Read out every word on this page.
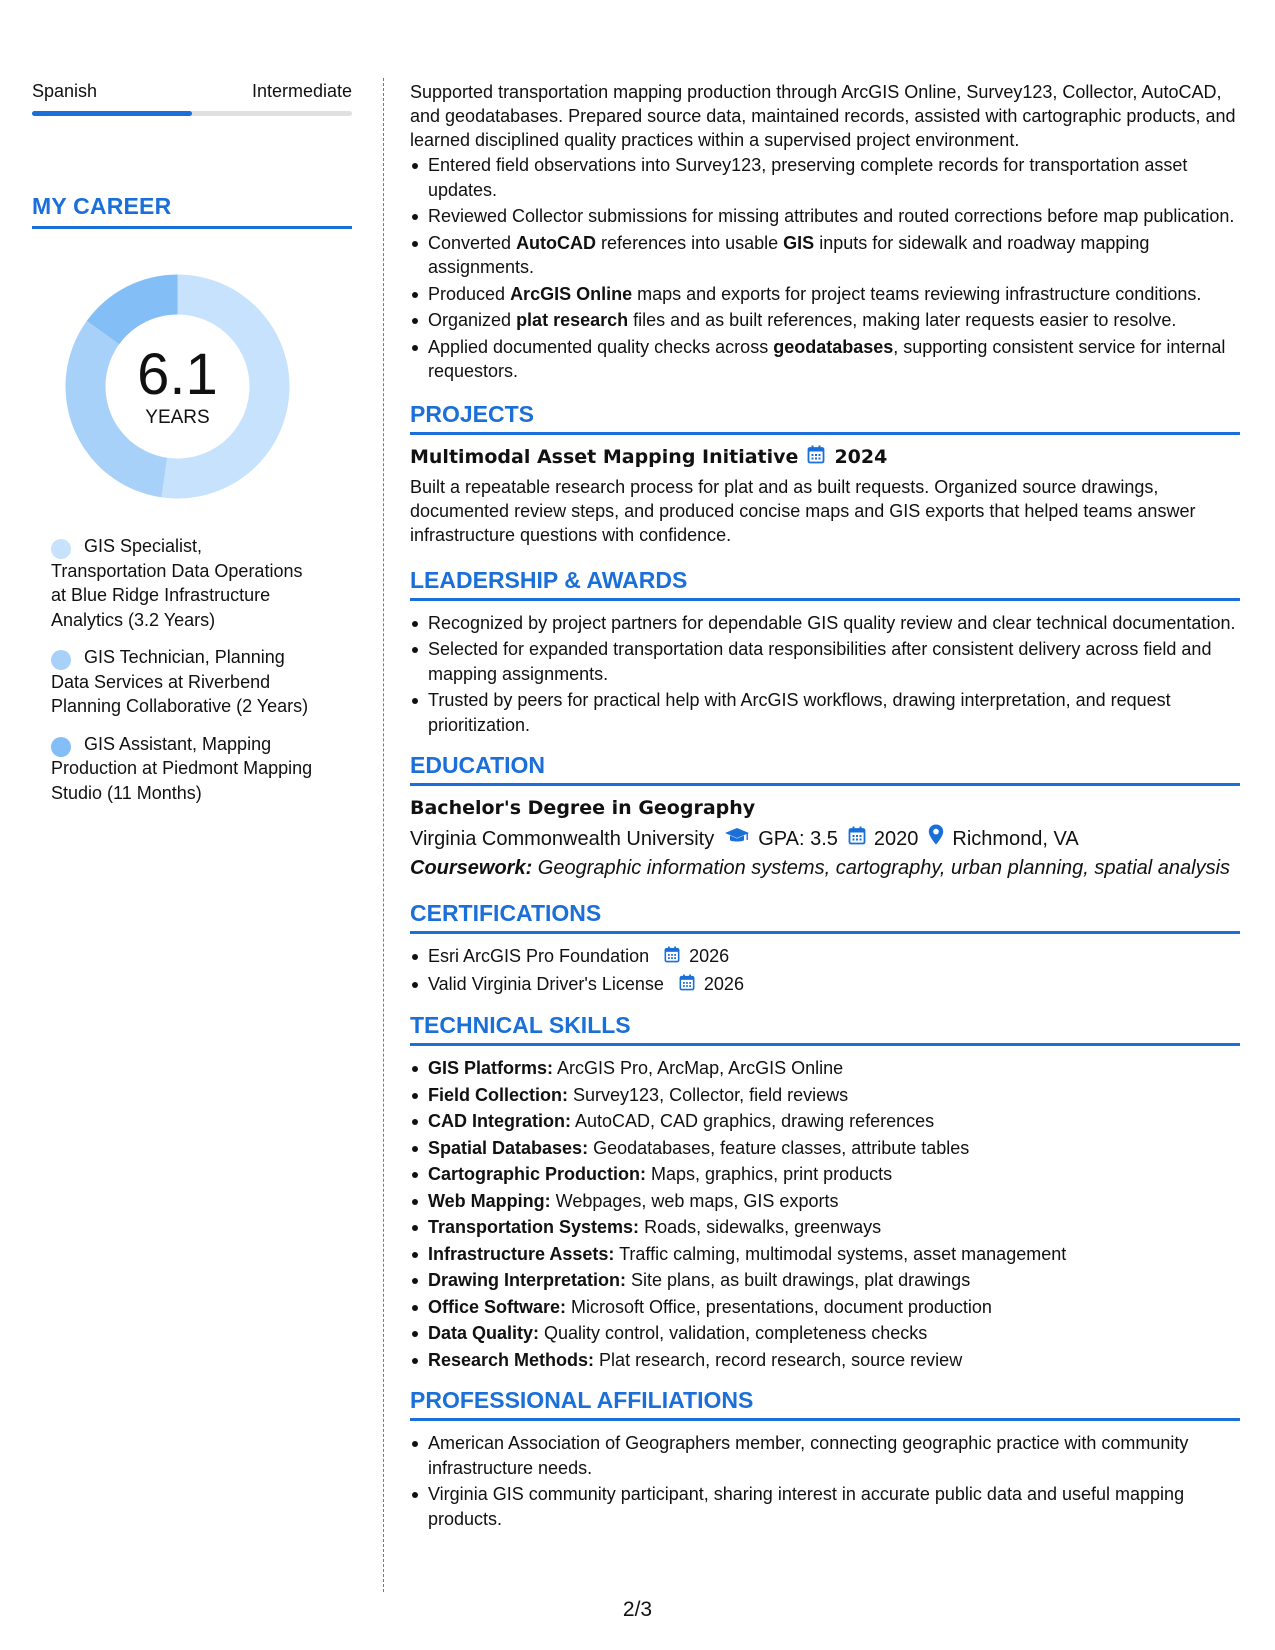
Spanish	Intermediate
MY CAREER
6.1
YEARS
GIS Specialist, Transportation Data Operations at Blue Ridge Infrastructure Analytics (3.2 Years)
GIS Technician, Planning Data Services at Riverbend Planning Collaborative (2 Years)
GIS Assistant, Mapping Production at Piedmont Mapping Studio (11 Months)

Supported transportation mapping production through ArcGIS Online, Survey123, Collector, AutoCAD, and geodatabases. Prepared source data, maintained records, assisted with cartographic products, and learned disciplined quality practices within a supervised project environment.

Entered field observations into Survey123, preserving complete records for transportation asset updates.
Reviewed Collector submissions for missing attributes and routed corrections before map publication.
Converted AutoCAD references into usable GIS inputs for sidewalk and roadway mapping assignments.
Produced ArcGIS Online maps and exports for project teams reviewing infrastructure conditions.
Organized plat research files and as built references, making later requests easier to resolve.
Applied documented quality checks across geodatabases, supporting consistent service for internal requestors.
PROJECTS
Multimodal Asset Mapping Initiative 2024

Built a repeatable research process for plat and as built requests. Organized source drawings, documented review steps, and produced concise maps and GIS exports that helped teams answer infrastructure questions with confidence.

LEADERSHIP & AWARDS
Recognized by project partners for dependable GIS quality review and clear technical documentation.
Selected for expanded transportation data responsibilities after consistent delivery across field and mapping assignments.
Trusted by peers for practical help with ArcGIS workflows, drawing interpretation, and request prioritization.
EDUCATION
Bachelor's Degree in Geography
Virginia Commonwealth University GPA: 3.5 2020 Richmond, VA
Coursework: Geographic information systems, cartography, urban planning, spatial analysis
CERTIFICATIONS
Esri ArcGIS Pro Foundation 2026
Valid Virginia Driver's License 2026
TECHNICAL SKILLS
GIS Platforms: ArcGIS Pro, ArcMap, ArcGIS Online
Field Collection: Survey123, Collector, field reviews
CAD Integration: AutoCAD, CAD graphics, drawing references
Spatial Databases: Geodatabases, feature classes, attribute tables
Cartographic Production: Maps, graphics, print products
Web Mapping: Webpages, web maps, GIS exports
Transportation Systems: Roads, sidewalks, greenways
Infrastructure Assets: Traffic calming, multimodal systems, asset management
Drawing Interpretation: Site plans, as built drawings, plat drawings
Office Software: Microsoft Office, presentations, document production
Data Quality: Quality control, validation, completeness checks
Research Methods: Plat research, record research, source review
PROFESSIONAL AFFILIATIONS
American Association of Geographers member, connecting geographic practice with community infrastructure needs.
Virginia GIS community participant, sharing interest in accurate public data and useful mapping products.
2/3
